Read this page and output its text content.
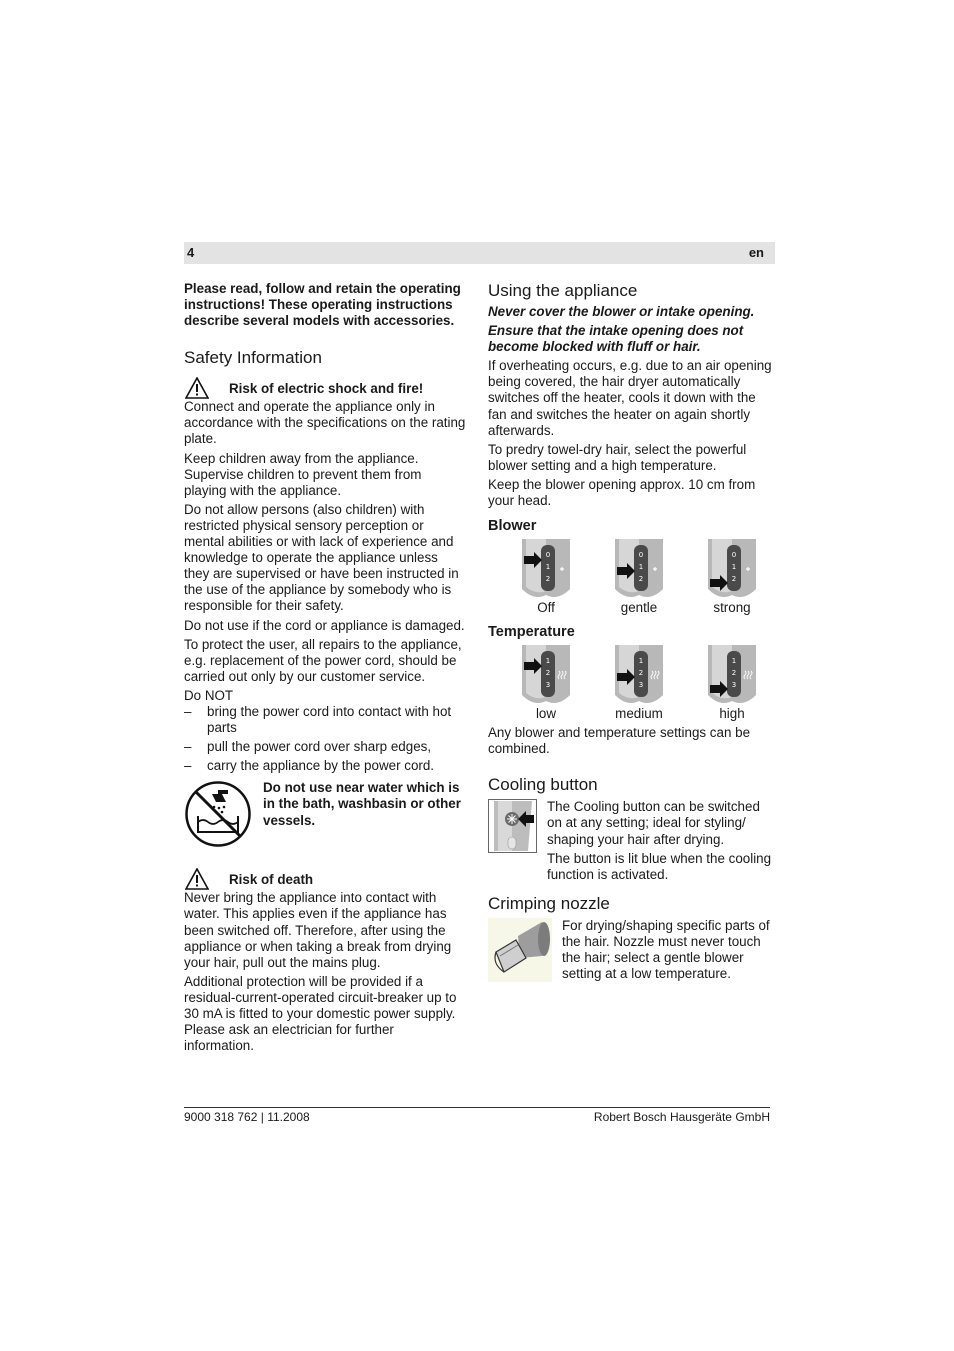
4	en

Please read, follow and retain the operating instructions! These operating instructions describe several models with accessories.

Safety Information
Risk of electric shock and fire!

Connect and operate the appliance only in accordance with the specifications on the rating plate.

Keep children away from the appliance. Supervise children to prevent them from playing with the appliance.

Do not allow persons (also children) with restricted physical sensory perception or mental abilities or with lack of experience and knowledge to operate the appliance unless they are supervised or have been instructed in the use of the appliance by somebody who is responsible for their safety.

Do not use if the cord or appliance is damaged.

To protect the user, all repairs to the appliance, e.g. replacement of the power cord, should be carried out only by our customer service.

Do NOT

– bring the power cord into contact with hot parts
– pull the power cord over sharp edges,
– carry the appliance by the power cord.
Do not use near water which is in the bath, washbasin or other vessels.
Risk of death

Never bring the appliance into contact with water. This applies even if the appliance has been switched off. Therefore, after using the appliance or when taking a break from drying your hair, pull out the mains plug.

Additional protection will be provided if a residual-current-operated circuit-breaker up to 30 mA is fitted to your domestic power supply. Please ask an electrician for further information.

Using the appliance

Never cover the blower or intake opening.

Ensure that the intake opening does not become blocked with fluff or hair.

If overheating occurs, e.g. due to an air opening being covered, the hair dryer automatically switches off the heater, cools it down with the fan and switches the heater on again shortly afterwards.

To predry towel-dry hair, select the powerful blower setting and a high temperature.

Keep the blower opening approx. 10 cm from your head.

Blower
0
1
2
Off
0
1
2
gentle
0
1
2
strong
Temperature
1
2
3
low
1
2
3
medium
1
2
3
high

Any blower and temperature settings can be combined.

Cooling button

The Cooling button can be switched on at any setting; ideal for styling/ shaping your hair after drying.

The button is lit blue when the cooling function is activated.

Crimping nozzle

For drying/shaping specific parts of the hair. Nozzle must never touch the hair; select a gentle blower setting at a low temperature.

9000 318 762 | 11.2008	Robert Bosch Hausgeräte GmbH
